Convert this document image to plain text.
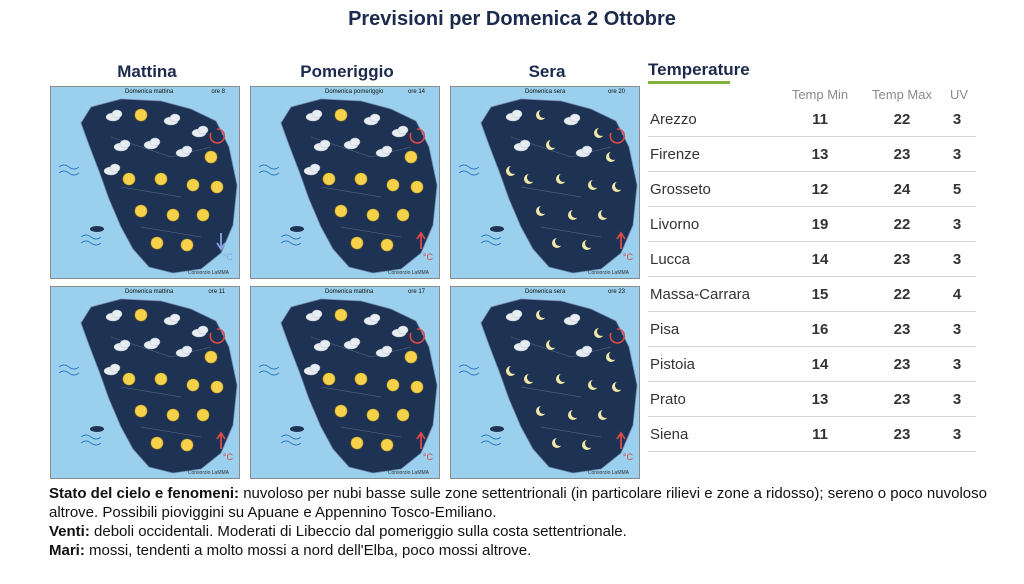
Previsioni per Domenica 2 Ottobre
Mattina	Pomeriggio	Sera
Domenica mattina	ore 8
Consorzio LaMMA
°C
Domenica pomeriggio	ore 14
Consorzio LaMMA
°C
Domenica sera	ore 20
Consorzio LaMMA
°C
Domenica mattina	ore 11
Consorzio LaMMA
°C
Domenica mattina	ore 17
Consorzio LaMMA
°C
Domenica sera	ore 23
Consorzio LaMMA
°C
Temperature
Temp Min	Temp Max	UV
Arezzo	11	22	3
Firenze	13	23	3
Grosseto	12	24	5
Livorno	19	22	3
Lucca	14	23	3
Massa-Carrara	15	22	4
Pisa	16	23	3
Pistoia	14	23	3
Prato	13	23	3
Siena	11	23	3
Stato del cielo e fenomeni: nuvoloso per nubi basse sulle zone settentrionali (in particolare rilievi e zone a ridosso); sereno o poco nuvoloso altrove. Possibili pioviggini su Apuane e Appennino Tosco-Emiliano.
Venti: deboli occidentali. Moderati di Libeccio dal pomeriggio sulla costa settentrionale.
Mari: mossi, tendenti a molto mossi a nord dell'Elba, poco mossi altrove.
